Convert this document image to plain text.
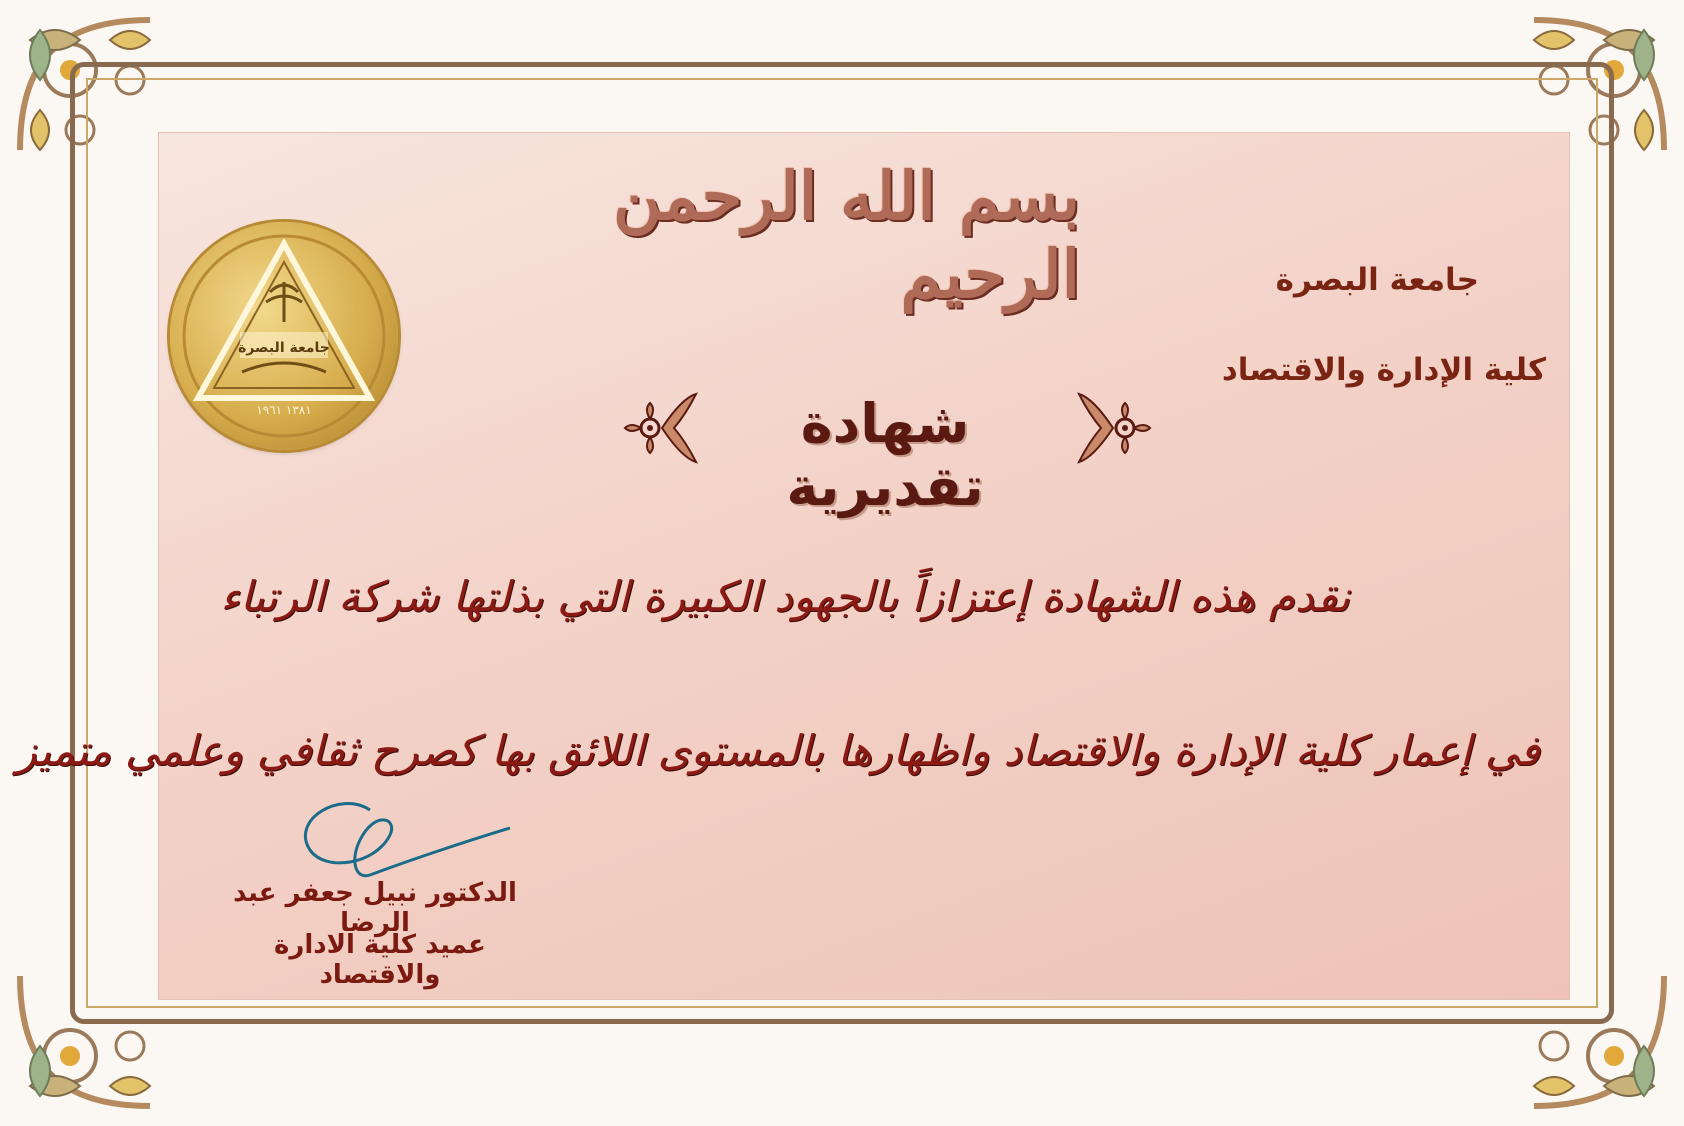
بسم الله الرحمن الرحيم	جامعة البصرة
كلية الإدارة والاقتصاد
جامعة البصرة
١٣٨١ ١٩٦١	شهادة تقديرية
نقدم هذه الشهادة إعتزازاً بالجهود الكبيرة التي بذلتها شركة الرتباء
في إعمار كلية الإدارة والاقتصاد واظهارها بالمستوى اللائق بها كصرح ثقافي وعلمي متميز
الدكتور نبيل جعفر عبد الرضا
عميد كلية الادارة والاقتصاد
